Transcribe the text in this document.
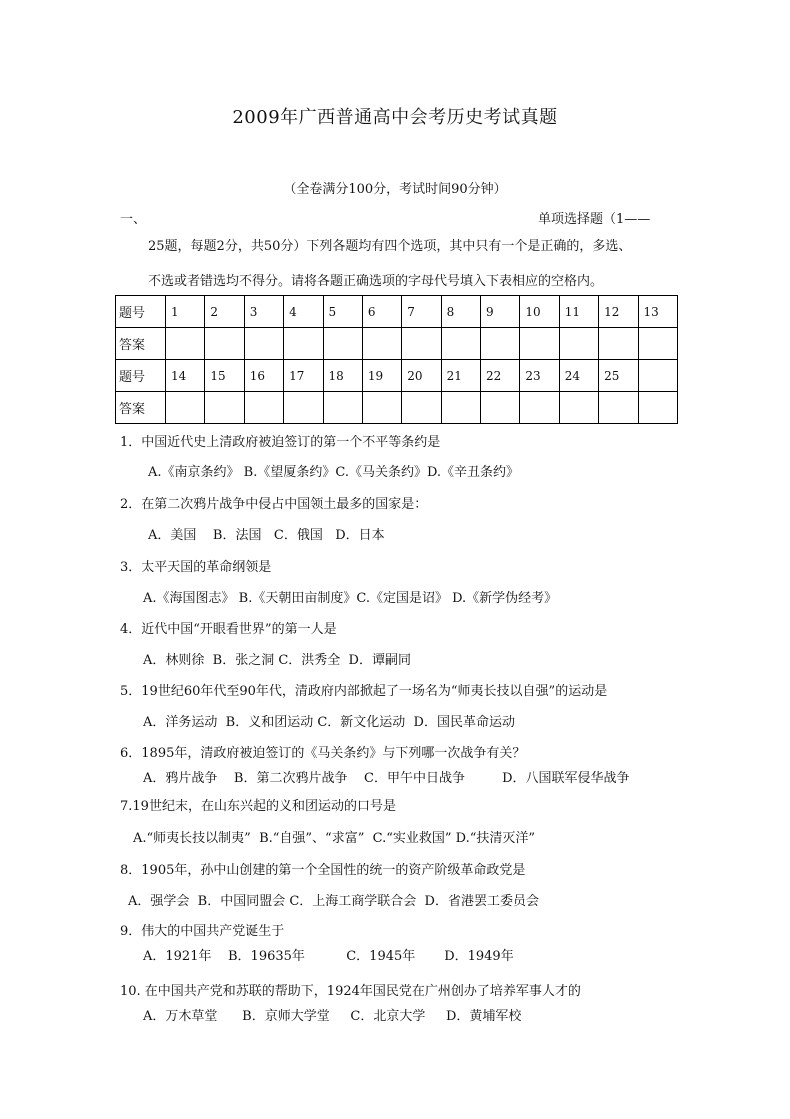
2009年广西普通高中会考历史考试真题
（全卷满分100分，考试时间90分钟）
一、	单项选择题（1——
25题，每题2分，共50分）下列各题均有四个选项，其中只有一个是正确的，多选、
不选或者错选均不得分。请将各题正确选项的字母代号填入下表相应的空格内。
题号	1	2	3	4	5	6	7	8	9	10	11	12	13
答案													
题号	14	15	16	17	18	19	20	21	22	23	24	25	
答案													
1．中国近代史上清政府被迫签订的第一个不平等条约是
A.《南京条约》 B.《望厦条约》C.《马关条约》D.《辛丑条约》
2．在第二次鸦片战争中侵占中国领土最多的国家是：
A．美国    B．法国   C．俄国   D．日本
3．太平天国的革命纲领是
A.《海国图志》 B.《天朝田亩制度》C.《定国是诏》 D.《新学伪经考》
4．近代中国“开眼看世界”的第一人是
A．林则徐  B．张之洞 C．洪秀全  D．谭嗣同
5．19世纪60年代至90年代，清政府内部掀起了一场名为“师夷长技以自强”的运动是
A．洋务运动  B．义和团运动 C．新文化运动  D．国民革命运动
6．1895年，清政府被迫签订的《马关条约》与下列哪一次战争有关？
A．鸦片战争    B．第二次鸦片战争    C．甲午中日战争         D．八国联军侵华战争
7.19世纪末，在山东兴起的义和团运动的口号是
A.“师夷长技以制夷”  B.“自强”、“求富”  C.“实业救国” D.“扶清灭洋”
8．1905年，孙中山创建的第一个全国性的统一的资产阶级革命政党是
A．强学会  B．中国同盟会 C．上海工商学联合会  D．省港罢工委员会
9．伟大的中国共产党诞生于
A．1921年    B．19635年          C．1945年       D．1949年
10. 在中国共产党和苏联的帮助下，1924年国民党在广州创办了培养军事人才的
A．万木草堂      B．京师大学堂     C．北京大学     D．黄埔军校
